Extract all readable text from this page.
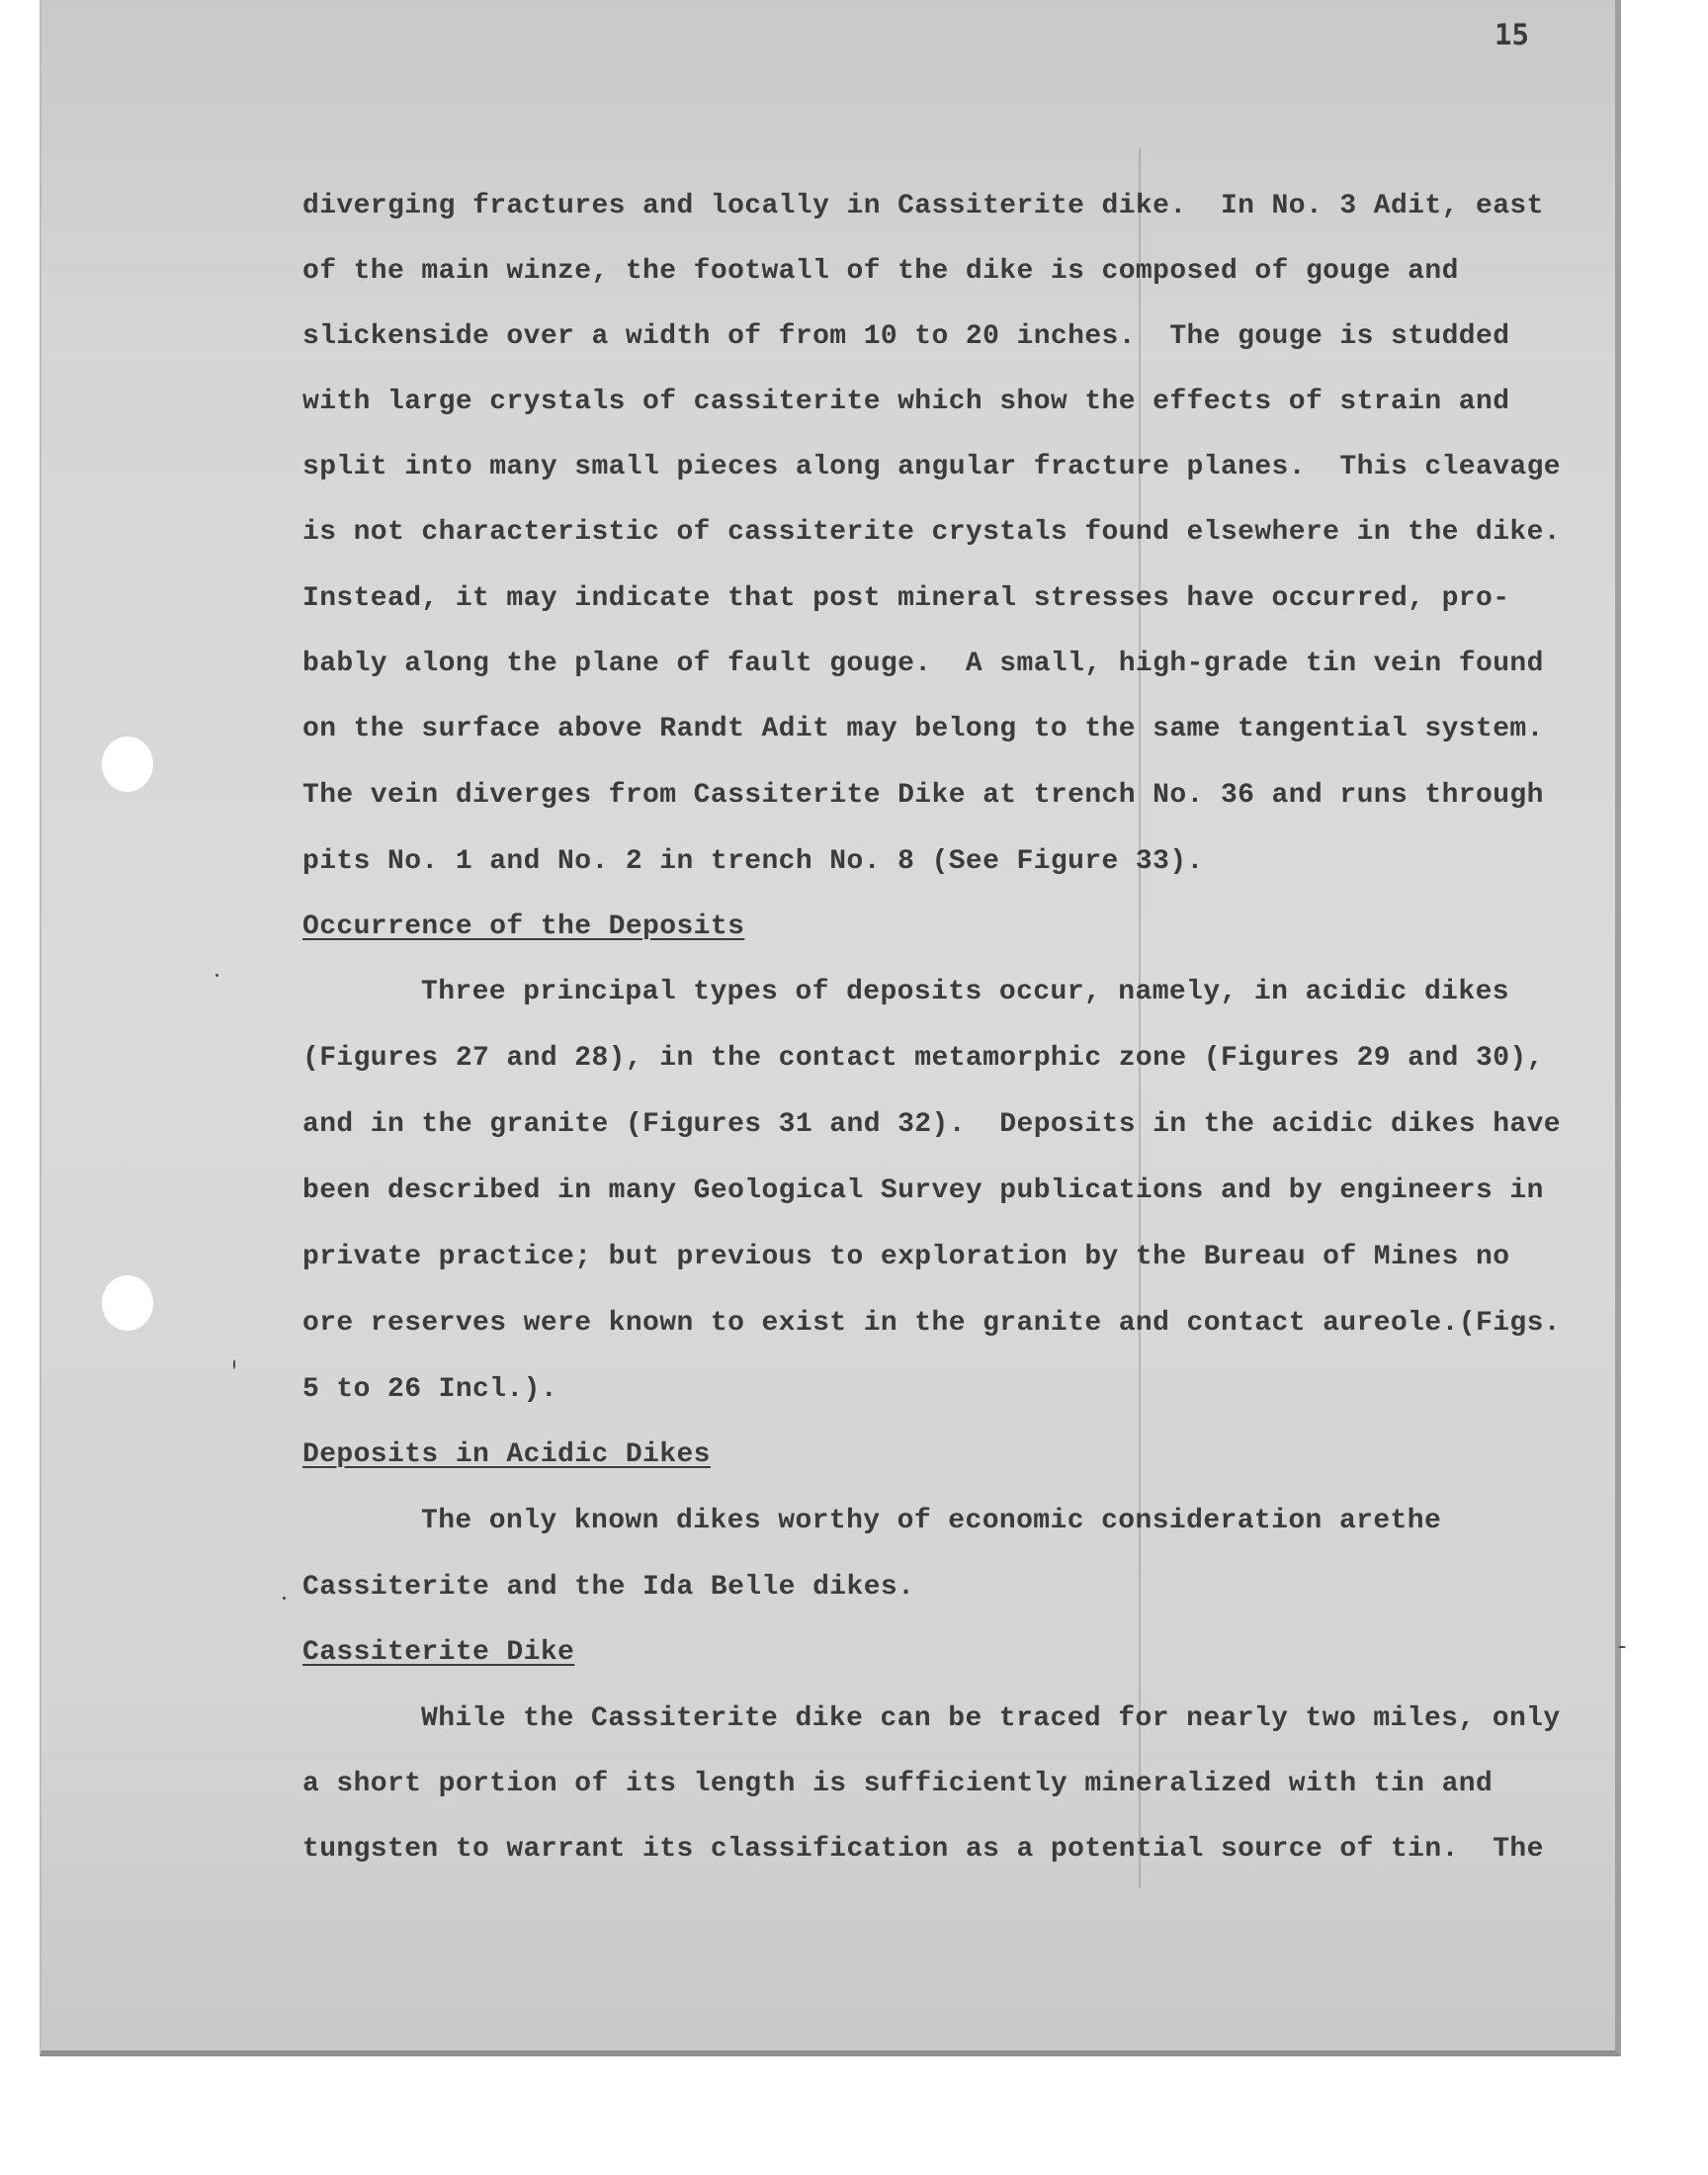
15
diverging fractures and locally in Cassiterite dike.  In No. 3 Adit, east
of the main winze, the footwall of the dike is composed of gouge and
slickenside over a width of from 10 to 20 inches.  The gouge is studded
with large crystals of cassiterite which show the effects of strain and
split into many small pieces along angular fracture planes.  This cleavage
is not characteristic of cassiterite crystals found elsewhere in the dike.
Instead, it may indicate that post mineral stresses have occurred, pro-
bably along the plane of fault gouge.  A small, high-grade tin vein found
on the surface above Randt Adit may belong to the same tangential system.
The vein diverges from Cassiterite Dike at trench No. 36 and runs through
pits No. 1 and No. 2 in trench No. 8 (See Figure 33).
Occurrence of the Deposits
Three principal types of deposits occur, namely, in acidic dikes
(Figures 27 and 28), in the contact metamorphic zone (Figures 29 and 30),
and in the granite (Figures 31 and 32).  Deposits in the acidic dikes have
been described in many Geological Survey publications and by engineers in
private practice; but previous to exploration by the Bureau of Mines no
ore reserves were known to exist in the granite and contact aureole.(Figs.
5 to 26 Incl.).
Deposits in Acidic Dikes
The only known dikes worthy of economic consideration arethe
Cassiterite and the Ida Belle dikes.
Cassiterite Dike
While the Cassiterite dike can be traced for nearly two miles, only
a short portion of its length is sufficiently mineralized with tin and
tungsten to warrant its classification as a potential source of tin.  The
